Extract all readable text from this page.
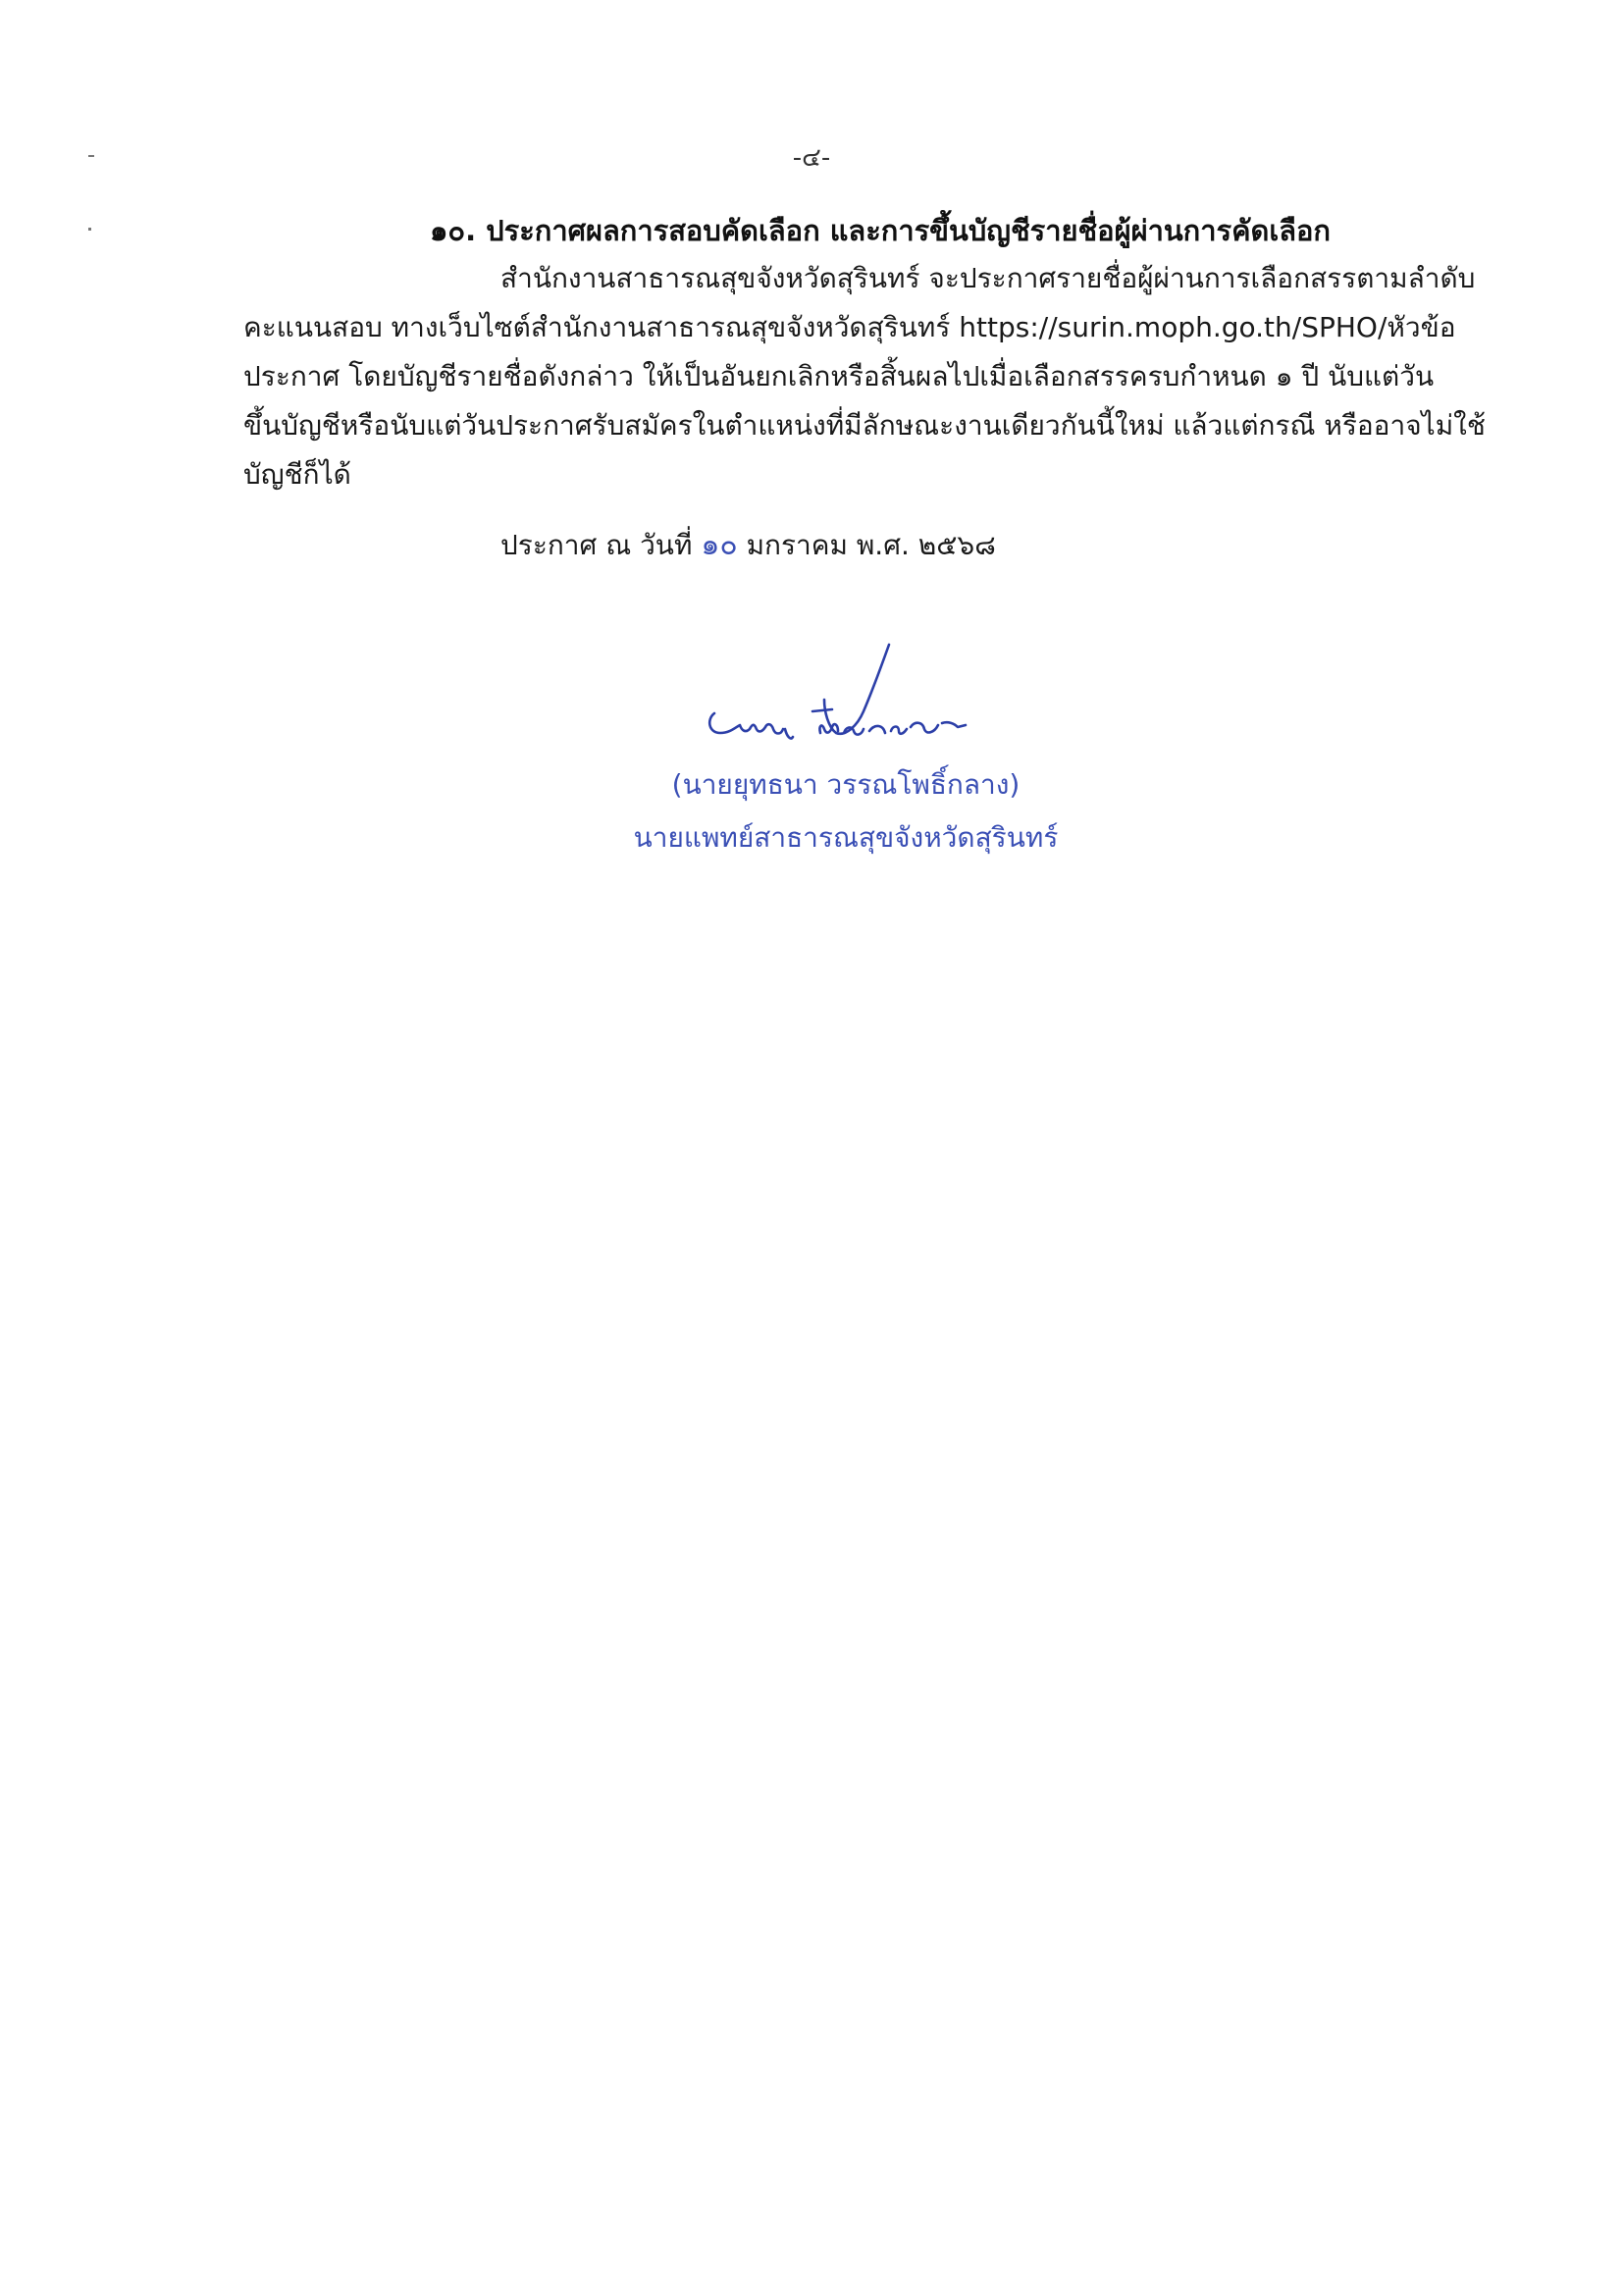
-๔-
๑๐. ประกาศผลการสอบคัดเลือก และการขึ้นบัญชีรายชื่อผู้ผ่านการคัดเลือก
สำนักงานสาธารณสุขจังหวัดสุรินทร์ จะประกาศรายชื่อผู้ผ่านการเลือกสรรตามลำดับ
คะแนนสอบ ทางเว็บไซต์สำนักงานสาธารณสุขจังหวัดสุรินทร์ https://surin.moph.go.th/SPHO/หัวข้อ
ประกาศ โดยบัญชีรายชื่อดังกล่าว ให้เป็นอันยกเลิกหรือสิ้นผลไปเมื่อเลือกสรรครบกำหนด ๑ ปี นับแต่วัน
ขึ้นบัญชีหรือนับแต่วันประกาศรับสมัครในตำแหน่งที่มีลักษณะงานเดียวกันนี้ใหม่ แล้วแต่กรณี หรืออาจไม่ใช้
บัญชีก็ได้
ประกาศ ณ วันที่ ๑๐ มกราคม พ.ศ. ๒๕๖๘
(นายยุทธนา วรรณโพธิ์กลาง)
นายแพทย์สาธารณสุขจังหวัดสุรินทร์
